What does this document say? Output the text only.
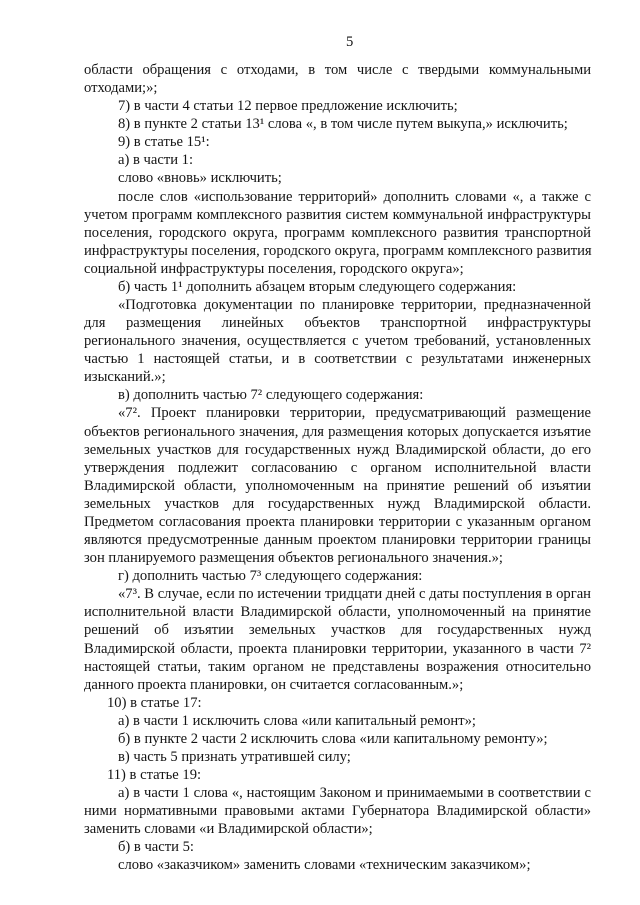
5
области обращения с отходами, в том числе с твердыми коммунальными
отходами;»;
7) в части 4 статьи 12 первое предложение исключить;
8) в пункте 2 статьи 13¹ слова «, в том числе путем выкупа,» исключить;
9) в статье 15¹:
а) в части 1:
слово «вновь» исключить;
после слов «использование территорий» дополнить словами «, а также с
учетом программ комплексного развития систем коммунальной инфраструктуры
поселения, городского округа, программ комплексного развития транспортной
инфраструктуры поселения, городского округа, программ комплексного развития
социальной инфраструктуры поселения, городского округа»;
б) часть 1¹ дополнить абзацем вторым следующего содержания:
«Подготовка документации по планировке территории, предназначенной
для размещения линейных объектов транспортной инфраструктуры
регионального значения, осуществляется с учетом требований, установленных
частью 1 настоящей статьи, и в соответствии с результатами инженерных
изысканий.»;
в) дополнить частью 7² следующего содержания:
«7². Проект планировки территории, предусматривающий размещение
объектов регионального значения, для размещения которых допускается изъятие
земельных участков для государственных нужд Владимирской области, до его
утверждения подлежит согласованию с органом исполнительной власти
Владимирской области, уполномоченным на принятие решений об изъятии
земельных участков для государственных нужд Владимирской области.
Предметом согласования проекта планировки территории с указанным органом
являются предусмотренные данным проектом планировки территории границы
зон планируемого размещения объектов регионального значения.»;
г) дополнить частью 7³ следующего содержания:
«7³. В случае, если по истечении тридцати дней с даты поступления в орган
исполнительной власти Владимирской области, уполномоченный на принятие
решений об изъятии земельных участков для государственных нужд
Владимирской области, проекта планировки территории, указанного в части 7²
настоящей статьи, таким органом не представлены возражения относительно
данного проекта планировки, он считается согласованным.»;
10) в статье 17:
а) в части 1 исключить слова «или капитальный ремонт»;
б) в пункте 2 части 2 исключить слова «или капитальному ремонту»;
в) часть 5 признать утратившей силу;
11) в статье 19:
а) в части 1 слова «, настоящим Законом и принимаемыми в соответствии с
ними нормативными правовыми актами Губернатора Владимирской области»
заменить словами «и Владимирской области»;
б) в части 5:
слово «заказчиком» заменить словами «техническим заказчиком»;
